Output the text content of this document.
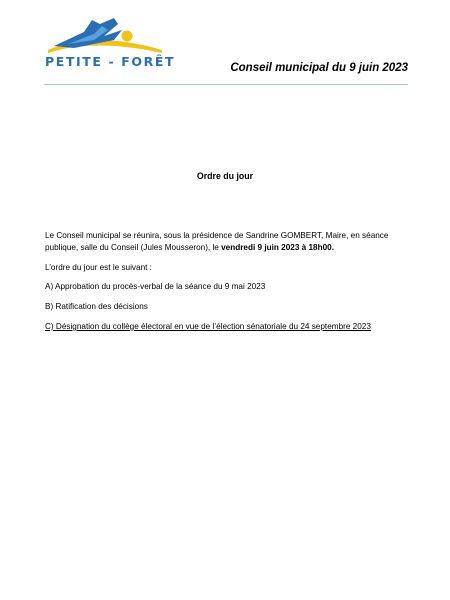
PETITE - FORÊT	Conseil municipal du 9 juin 2023
Ordre du jour
Le Conseil municipal se réunira, sous la présidence de Sandrine GOMBERT, Maire, en séance publique, salle du Conseil (Jules Mousseron), le vendredi 9 juin 2023 à 18h00.
L’ordre du jour est le suivant :
A) Approbation du procès-verbal de la séance du 9 mai 2023
B) Ratification des décisions
C) Désignation du collège électoral en vue de l’élection sénatoriale du 24 septembre 2023
